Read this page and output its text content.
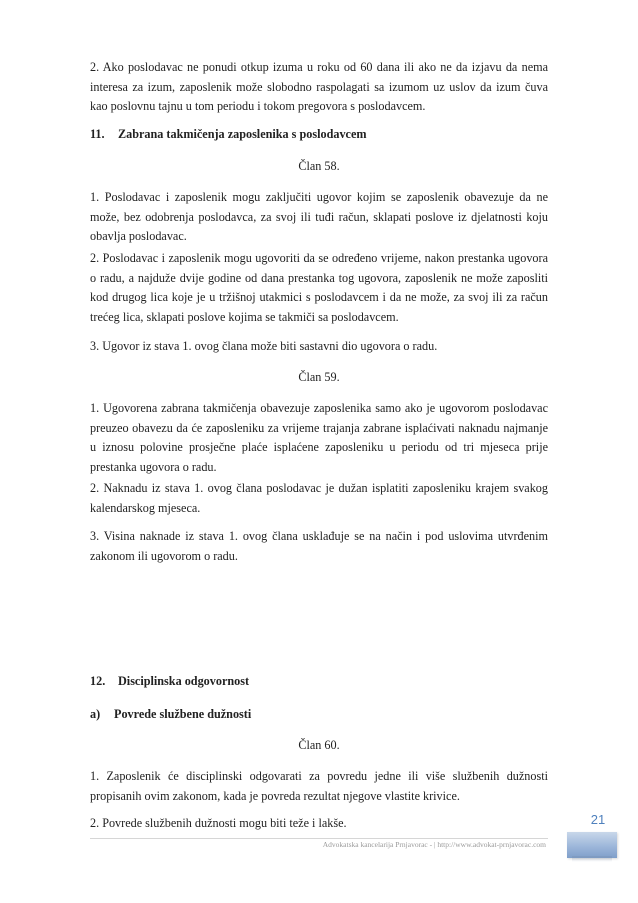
2. Ako poslodavac ne ponudi otkup izuma u roku od 60 dana ili ako ne da izjavu da nema interesa za izum, zaposlenik može slobodno raspolagati sa izumom uz uslov da izum čuva kao poslovnu tajnu u tom periodu i tokom pregovora s poslodavcem.
11. Zabrana takmičenja zaposlenika s poslodavcem
Član 58.
1. Poslodavac i zaposlenik mogu zaključiti ugovor kojim se zaposlenik obavezuje da ne može, bez odobrenja poslodavca, za svoj ili tuđi račun, sklapati poslove iz djelatnosti koju obavlja poslodavac.
2. Poslodavac i zaposlenik mogu ugovoriti da se određeno vrijeme, nakon prestanka ugovora o radu, a najduže dvije godine od dana prestanka tog ugovora, zaposlenik ne može zaposliti kod drugog lica koje je u tržišnoj utakmici s poslodavcem i da ne može, za svoj ili za račun trećeg lica, sklapati poslove kojima se takmiči sa poslodavcem.
3. Ugovor iz stava 1. ovog člana može biti sastavni dio ugovora o radu.
Član 59.
1. Ugovorena zabrana takmičenja obavezuje zaposlenika samo ako je ugovorom poslodavac preuzeo obavezu da će zaposleniku za vrijeme trajanja zabrane isplaćivati naknadu najmanje u iznosu polovine prosječne plaće isplaćene zaposleniku u periodu od tri mjeseca prije prestanka ugovora o radu.
2. Naknadu iz stava 1. ovog člana poslodavac je dužan isplatiti zaposleniku krajem svakog kalendarskog mjeseca.
3. Visina naknade iz stava 1. ovog člana usklađuje se na način i pod uslovima utvrđenim zakonom ili ugovorom o radu.
12. Disciplinska odgovornost
a) Povrede službene dužnosti
Član 60.
1. Zaposlenik će disciplinski odgovarati za povredu jedne ili više službenih dužnosti propisanih ovim zakonom, kada je povreda rezultat njegove vlastite krivice.
2. Povrede službenih dužnosti mogu biti teže i lakše.	21
Advokatska kancelarija Prnjavorac - | http://www.advokat-prnjavorac.com
